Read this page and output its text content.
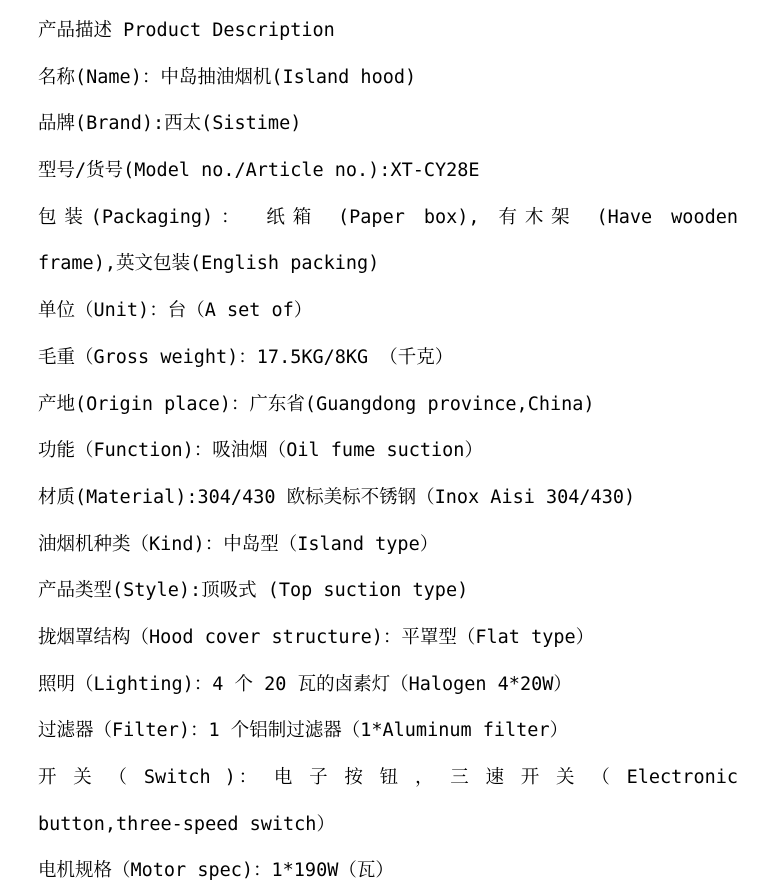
产品描述 Product Description
名称(Name)：中岛抽油烟机(Island hood)
品牌(Brand):西太(Sistime)
型号/货号(Model no./Article no.):XT-CY28E
包装(Packaging)： 纸箱 (Paper box), 有木架 (Have wooden
frame),英文包装(English packing)
单位（Unit)：台（A set of）
毛重（Gross weight)：17.5KG/8KG （千克）
产地(Origin place)：广东省(Guangdong province,China)
功能（Function)：吸油烟（Oil fume suction）
材质(Material):304/430 欧标美标不锈钢（Inox Aisi 304/430)
油烟机种类（Kind)：中岛型（Island type）
产品类型(Style):顶吸式 (Top suction type)
拢烟罩结构（Hood cover structure)：平罩型（Flat type）
照明（Lighting)：4 个 20 瓦的卤素灯（Halogen 4*20W）
过滤器（Filter)：1 个铝制过滤器（1*Aluminum filter）
开 关 （ Switch )： 电 子 按 钮 ， 三 速 开 关 （ Electronic
button,three-speed switch）
电机规格（Motor spec)：1*190W（瓦）
